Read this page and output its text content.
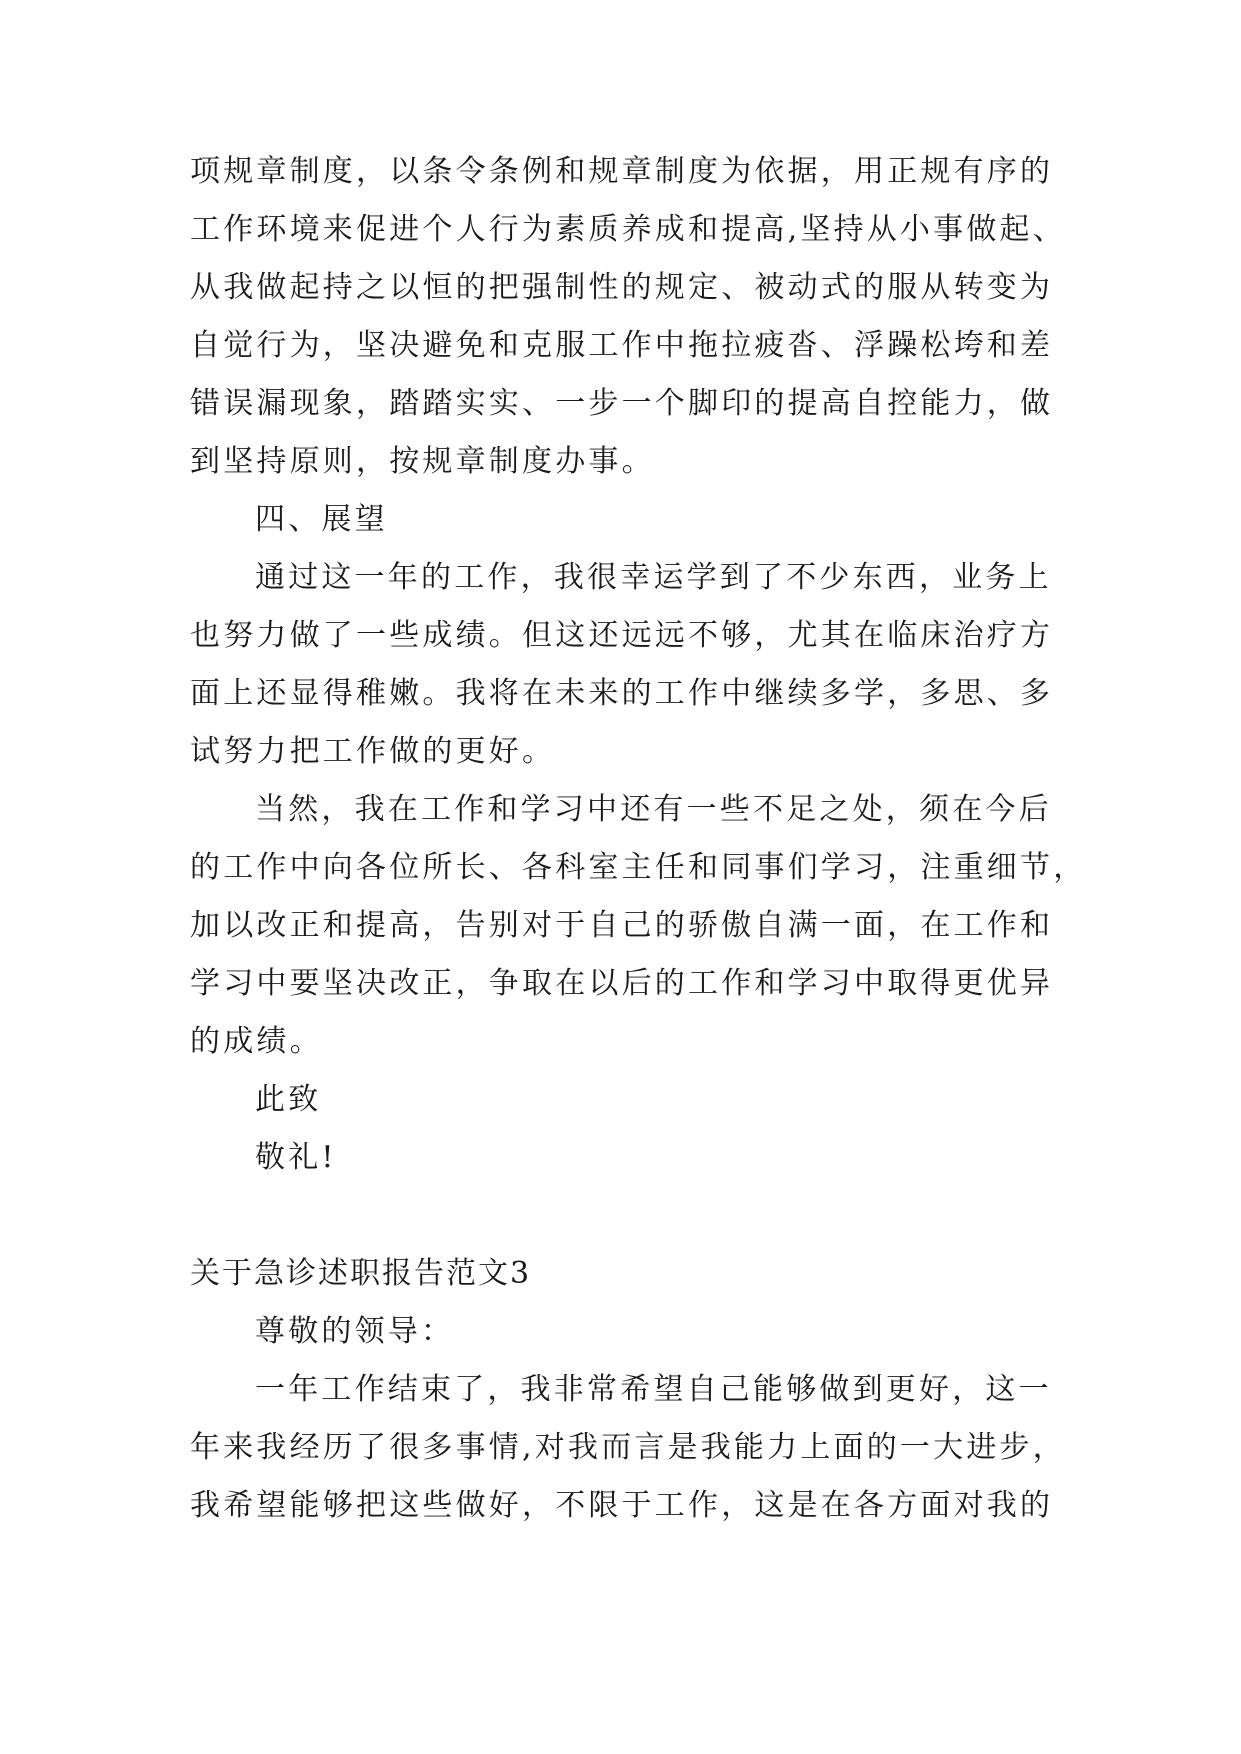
项规章制度，以条令条例和规章制度为依据，用正规有序的
工作环境来促进个人行为素质养成和提高,坚持从小事做起、
从我做起持之以恒的把强制性的规定、被动式的服从转变为
自觉行为，坚决避免和克服工作中拖拉疲沓、浮躁松垮和差
错误漏现象，踏踏实实、一步一个脚印的提高自控能力，做
到坚持原则，按规章制度办事。
四、展望
通过这一年的工作，我很幸运学到了不少东西，业务上
也努力做了一些成绩。但这还远远不够，尤其在临床治疗方
面上还显得稚嫩。我将在未来的工作中继续多学，多思、多
试努力把工作做的更好。
当然，我在工作和学习中还有一些不足之处，须在今后
的工作中向各位所长、各科室主任和同事们学习，注重细节，
加以改正和提高，告别对于自己的骄傲自满一面，在工作和
学习中要坚决改正，争取在以后的工作和学习中取得更优异
的成绩。
此致
敬礼!
关于急诊述职报告范文3
尊敬的领导：
一年工作结束了，我非常希望自己能够做到更好，这一
年来我经历了很多事情,对我而言是我能力上面的一大进步，
我希望能够把这些做好，不限于工作，这是在各方面对我的
